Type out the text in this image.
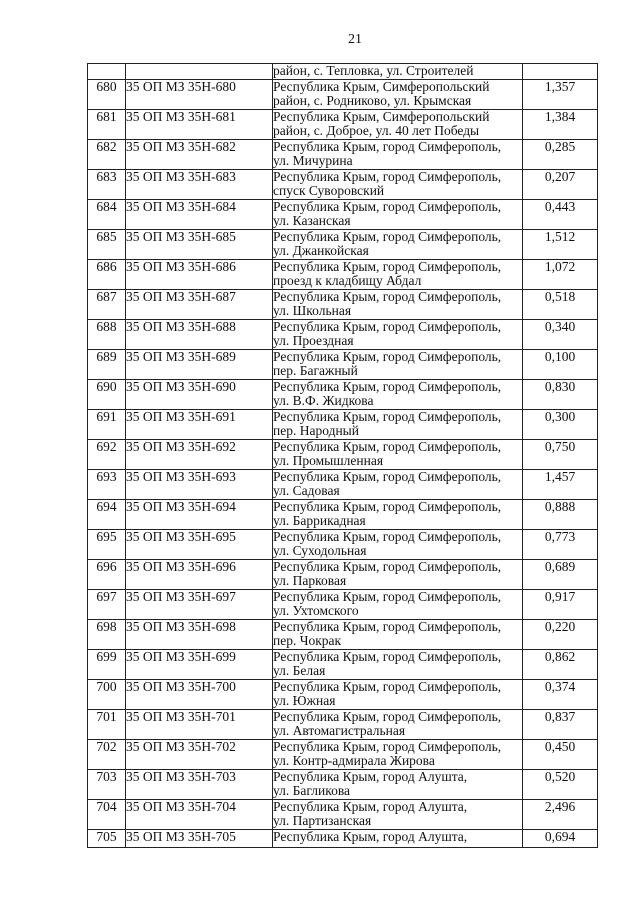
21

		район, с. Тепловка, ул. Строителей	

680	35 ОП МЗ 35Н-680	Республика Крым, Симферопольский
район, с. Родниково, ул. Крымская	1,357
681	35 ОП МЗ 35Н-681	Республика Крым, Симферопольский
район, с. Доброе, ул. 40 лет Победы	1,384
682	35 ОП МЗ 35Н-682	Республика Крым, город Симферополь,
ул. Мичурина	0,285
683	35 ОП МЗ 35Н-683	Республика Крым, город Симферополь,
спуск Суворовский	0,207
684	35 ОП МЗ 35Н-684	Республика Крым, город Симферополь,
ул. Казанская	0,443
685	35 ОП МЗ 35Н-685	Республика Крым, город Симферополь,
ул. Джанкойская	1,512
686	35 ОП МЗ 35Н-686	Республика Крым, город Симферополь,
проезд к кладбищу Абдал	1,072
687	35 ОП МЗ 35Н-687	Республика Крым, город Симферополь,
ул. Школьная	0,518
688	35 ОП МЗ 35Н-688	Республика Крым, город Симферополь,
ул. Проездная	0,340
689	35 ОП МЗ 35Н-689	Республика Крым, город Симферополь,
пер. Багажный	0,100
690	35 ОП МЗ 35Н-690	Республика Крым, город Симферополь,
ул. В.Ф. Жидкова	0,830
691	35 ОП МЗ 35Н-691	Республика Крым, город Симферополь,
пер. Народный	0,300
692	35 ОП МЗ 35Н-692	Республика Крым, город Симферополь,
ул. Промышленная	0,750
693	35 ОП МЗ 35Н-693	Республика Крым, город Симферополь,
ул. Садовая	1,457
694	35 ОП МЗ 35Н-694	Республика Крым, город Симферополь,
ул. Баррикадная	0,888
695	35 ОП МЗ 35Н-695	Республика Крым, город Симферополь,
ул. Суходольная	0,773
696	35 ОП МЗ 35Н-696	Республика Крым, город Симферополь,
ул. Парковая	0,689
697	35 ОП МЗ 35Н-697	Республика Крым, город Симферополь,
ул. Ухтомского	0,917
698	35 ОП МЗ 35Н-698	Республика Крым, город Симферополь,
пер. Чокрак	0,220
699	35 ОП МЗ 35Н-699	Республика Крым, город Симферополь,
ул. Белая	0,862
700	35 ОП МЗ 35Н-700	Республика Крым, город Симферополь,
ул. Южная	0,374
701	35 ОП МЗ 35Н-701	Республика Крым, город Симферополь,
ул. Автомагистральная	0,837
702	35 ОП МЗ 35Н-702	Республика Крым, город Симферополь,
ул. Контр-адмирала Жирова	0,450
703	35 ОП МЗ 35Н-703	Республика Крым, город Алушта,
ул. Багликова	0,520
704	35 ОП МЗ 35Н-704	Республика Крым, город Алушта,
ул. Партизанская	2,496
705	35 ОП МЗ 35Н-705	Республика Крым, город Алушта,	0,694
